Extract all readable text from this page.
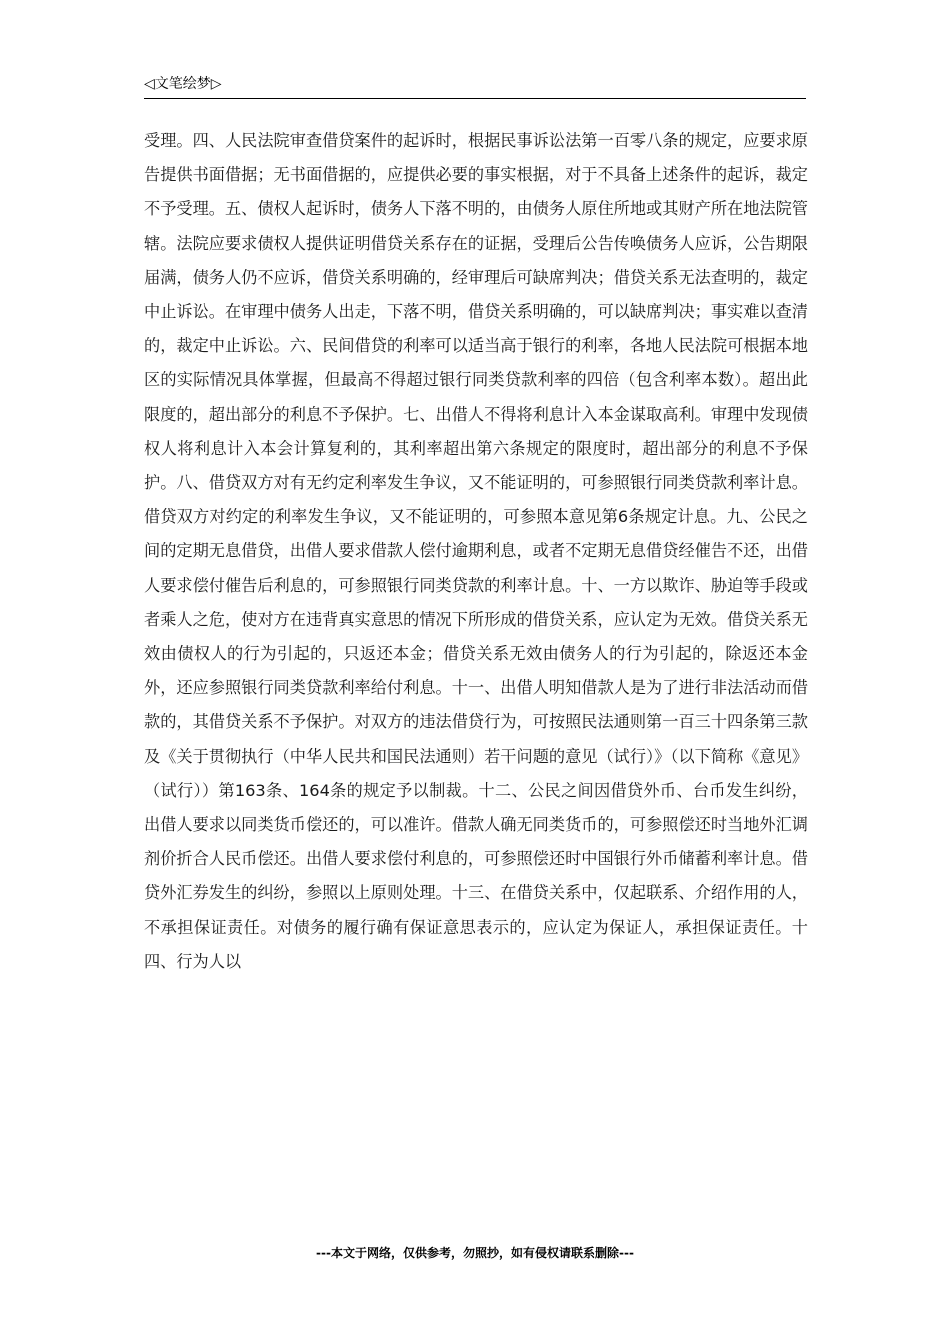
◁文笔绘梦▷

受理。四、人民法院审查借贷案件的起诉时，根据民事诉讼法第一百零八条的规定，应要求原告提供书面借据；无书面借据的，应提供必要的事实根据，对于不具备上述条件的起诉，裁定不予受理。五、债权人起诉时，债务人下落不明的，由债务人原住所地或其财产所在地法院管辖。法院应要求债权人提供证明借贷关系存在的证据，受理后公告传唤债务人应诉，公告期限届满，债务人仍不应诉，借贷关系明确的，经审理后可缺席判决；借贷关系无法查明的，裁定中止诉讼。在审理中债务人出走，下落不明，借贷关系明确的，可以缺席判决；事实难以查清的，裁定中止诉讼。六、民间借贷的利率可以适当高于银行的利率，各地人民法院可根据本地区的实际情况具体掌握，但最高不得超过银行同类贷款利率的四倍（包含利率本数）。超出此限度的，超出部分的利息不予保护。七、出借人不得将利息计入本金谋取高利。审理中发现债权人将利息计入本会计算复利的，其利率超出第六条规定的限度时，超出部分的利息不予保护。八、借贷双方对有无约定利率发生争议，又不能证明的，可参照银行同类贷款利率计息。借贷双方对约定的利率发生争议，又不能证明的，可参照本意见第6条规定计息。九、公民之间的定期无息借贷，出借人要求借款人偿付逾期利息，或者不定期无息借贷经催告不还，出借人要求偿付催告后利息的，可参照银行同类贷款的利率计息。十、一方以欺诈、胁迫等手段或者乘人之危，使对方在违背真实意思的情况下所形成的借贷关系，应认定为无效。借贷关系无效由债权人的行为引起的，只返还本金；借贷关系无效由债务人的行为引起的，除返还本金外，还应参照银行同类贷款利率给付利息。十一、出借人明知借款人是为了进行非法活动而借款的，其借贷关系不予保护。对双方的违法借贷行为，可按照民法通则第一百三十四条第三款及《关于贯彻执行（中华人民共和国民法通则）若干问题的意见（试行）》（以下简称《意见》（试行））第163条、164条的规定予以制裁。十二、公民之间因借贷外币、台币发生纠纷，出借人要求以同类货币偿还的，可以准许。借款人确无同类货币的，可参照偿还时当地外汇调剂价折合人民币偿还。出借人要求偿付利息的，可参照偿还时中国银行外币储蓄利率计息。借贷外汇券发生的纠纷，参照以上原则处理。十三、在借贷关系中，仅起联系、介绍作用的人，不承担保证责任。对债务的履行确有保证意思表示的，应认定为保证人，承担保证责任。十四、行为人以

---本文于网络，仅供参考，勿照抄，如有侵权请联系删除---
